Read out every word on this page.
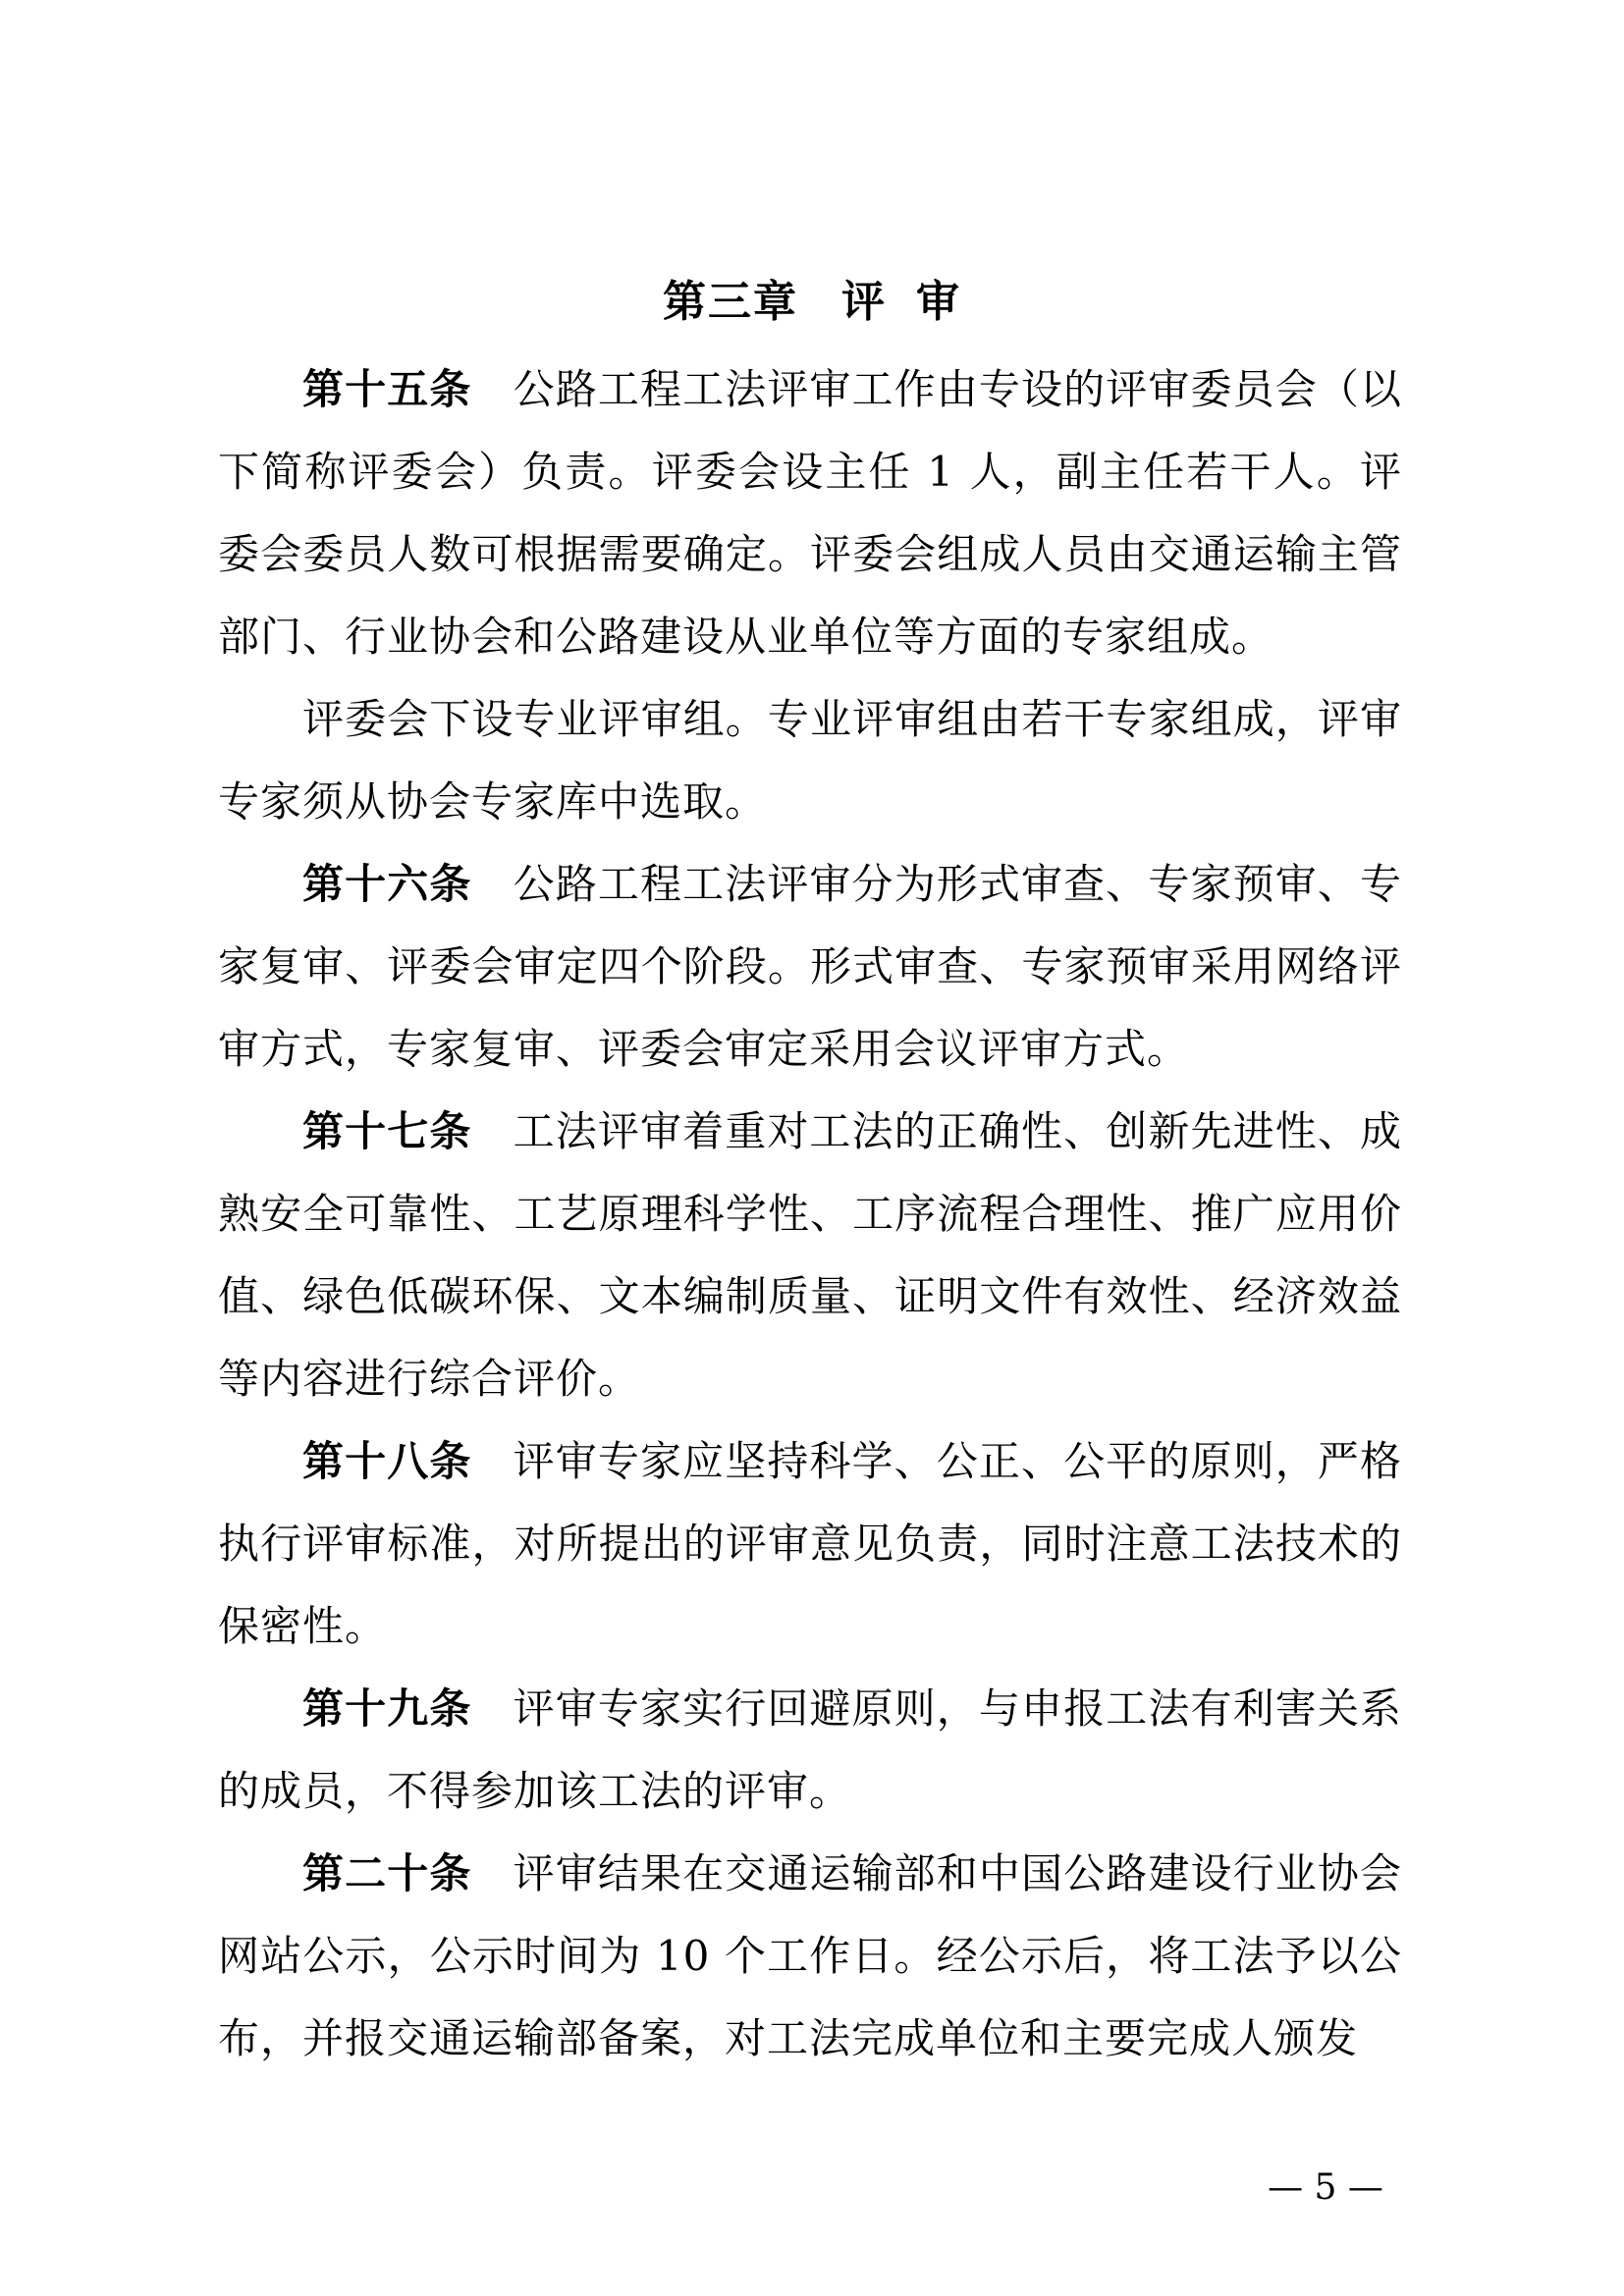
第三章 评 审

第十五条 公路工程工法评审工作由专设的评审委员会（以下简称评委会）负责。评委会设主任 1 人，副主任若干人。评委会委员人数可根据需要确定。评委会组成人员由交通运输主管部门、行业协会和公路建设从业单位等方面的专家组成。

评委会下设专业评审组。专业评审组由若干专家组成，评审专家须从协会专家库中选取。

第十六条 公路工程工法评审分为形式审查、专家预审、专家复审、评委会审定四个阶段。形式审查、专家预审采用网络评审方式，专家复审、评委会审定采用会议评审方式。

第十七条 工法评审着重对工法的正确性、创新先进性、成熟安全可靠性、工艺原理科学性、工序流程合理性、推广应用价值、绿色低碳环保、文本编制质量、证明文件有效性、经济效益等内容进行综合评价。

第十八条 评审专家应坚持科学、公正、公平的原则，严格执行评审标准，对所提出的评审意见负责，同时注意工法技术的保密性。

第十九条 评审专家实行回避原则，与申报工法有利害关系的成员，不得参加该工法的评审。

第二十条 评审结果在交通运输部和中国公路建设行业协会网站公示，公示时间为 10 个工作日。经公示后，将工法予以公布，并报交通运输部备案，对工法完成单位和主要完成人颁发

— 5 —
